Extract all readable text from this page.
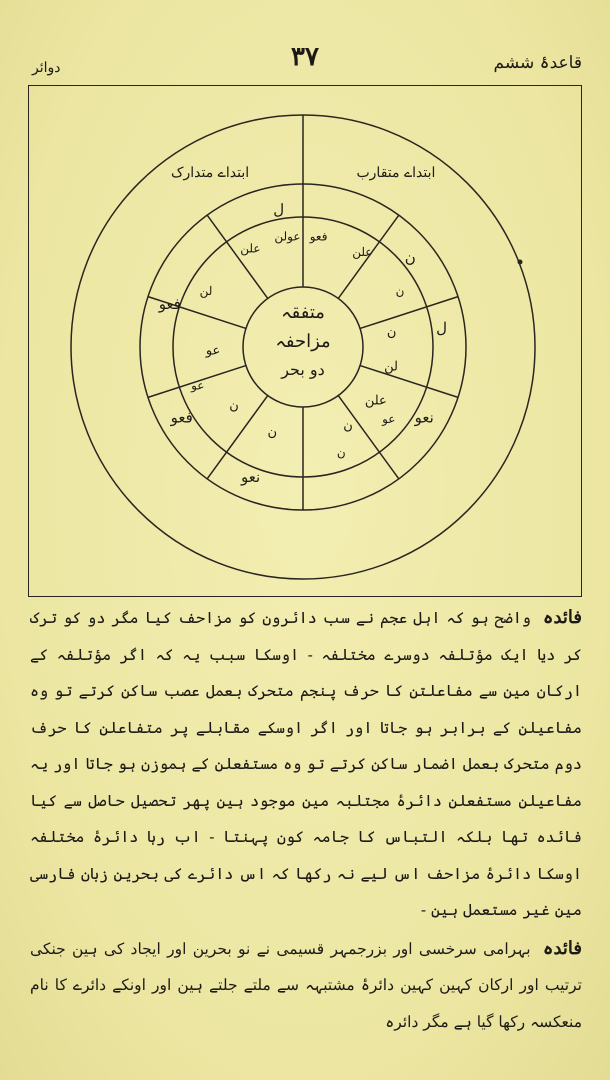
قاعدۂ ششم
۳۷
دوائر
ابتداے متقارب
ابتداے متدارک
ل
ن
ل
نعو
فعو
فعو
نعو
فعو
علن
ن
عولن
علن
لن
عو
ن
عو
ن
لن
ن
ن
عو
ن
علن
متفقہ
مزاحفہ
دو بحر

فائدہ واضح ہو کہ اہل عجم نے سب دائرون کو مزاحف کیا مگر دو کو ترک کر دیا ایک مؤتلفہ دوسرے مختلفہ - اوسکا سبب یہ کہ اگر مؤتلفہ کے ارکان مین سے مفاعلتن کا حرف پنجم متحرک بعمل عصب ساکن کرتے تو وہ مفاعیلن کے برابر ہو جاتا اور اگر اوسکے مقابلے پر متفاعلن کا حرف دوم متحرک بعمل اضمار ساکن کرتے تو وہ مستفعلن کے ہموزن ہو جاتا اور یہ مفاعیلن مستفعلن دائرۂ مجتلبہ مین موجود ہین پھر تحصیل حاصل سے کیا فائدہ تھا بلکہ التباس کا جامہ کون پہنتا - اب رہا دائرۂ مختلفہ اوسکا دائرۂ مزاحف اس لیے نہ رکھا کہ اس دائرے کی بحرین زبان فارسی مین غیر مستعمل ہین -

فائدہ بہرامی سرخسی اور بزرجمہر قسیمی نے نو بحرین اور ایجاد کی ہین جنکی ترتیب اور ارکان کہین کہین دائرۂ مشتبہہ سے ملتے جلتے ہین اور اونکے دائرے کا نام منعکسہ رکھا گیا ہے مگر دائرہ
